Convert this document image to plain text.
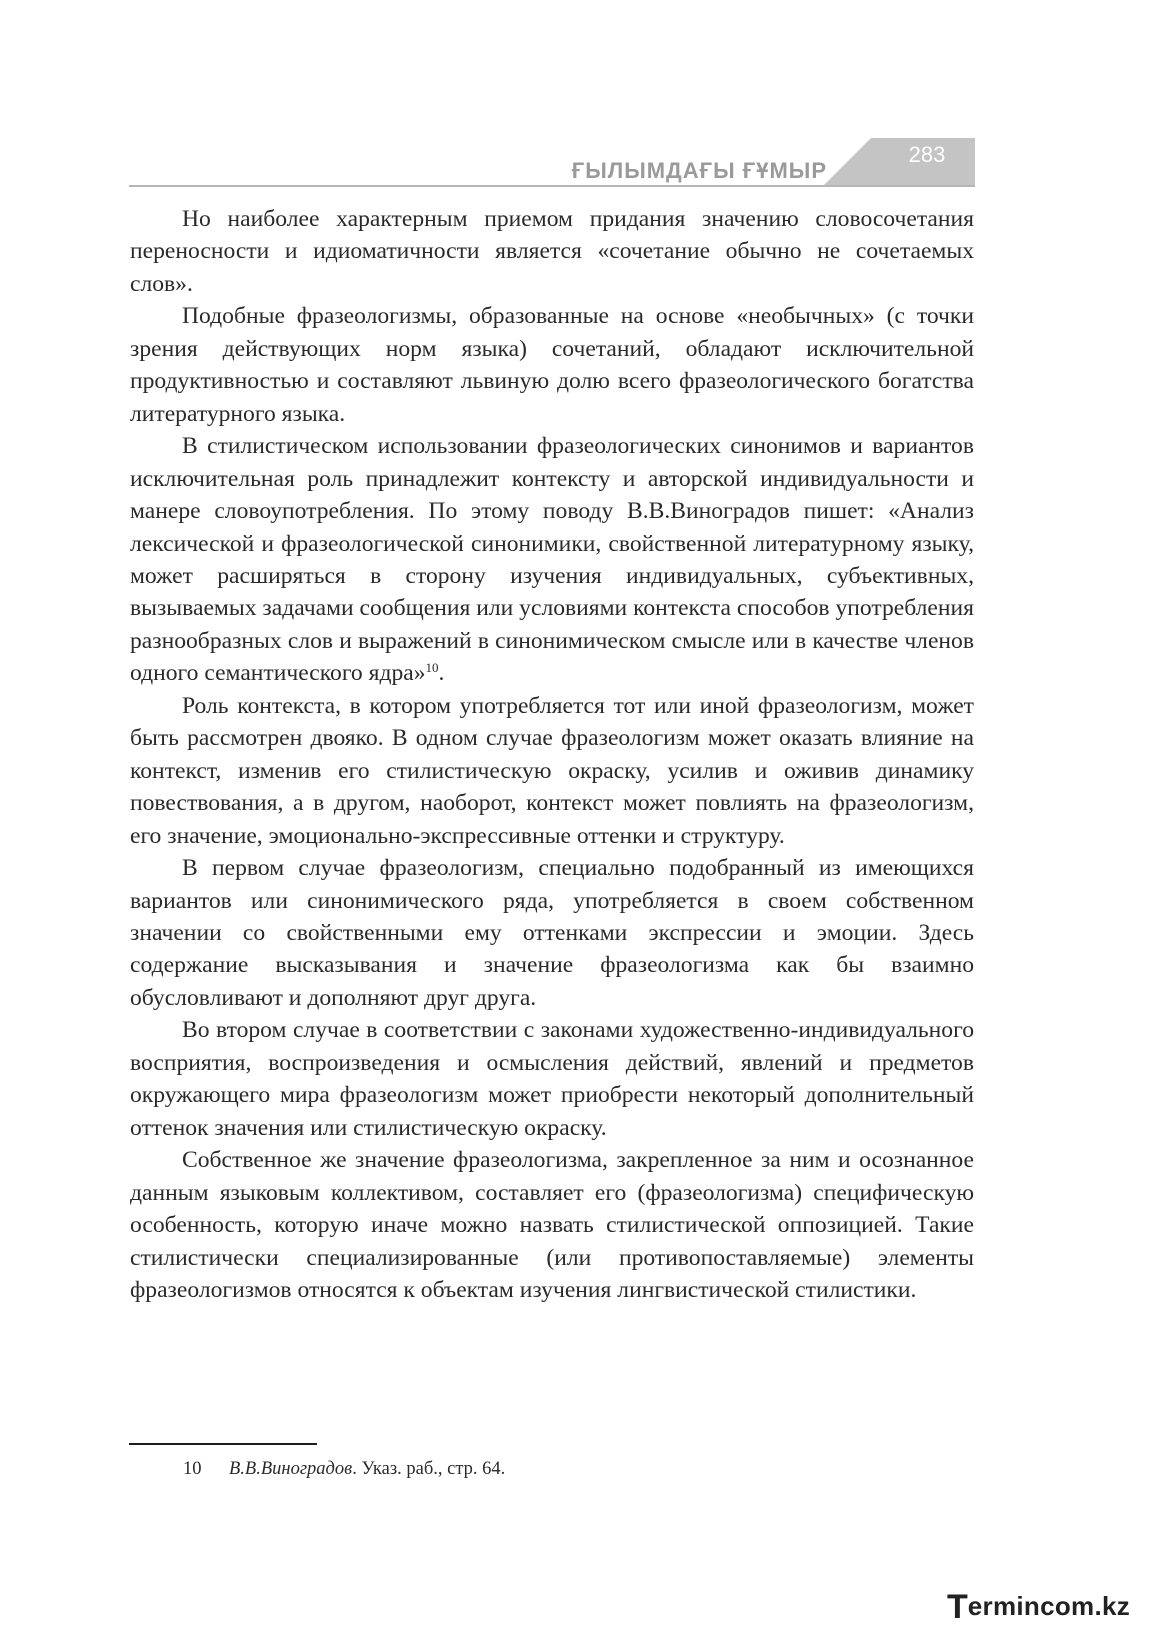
ҒЫЛЫМДАҒЫ ҒҰМЫР
283

Но наиболее характерным приемом придания значению словосочетания переносности и идиоматичности является «сочетание обычно не сочетаемых слов».

Подобные фразеологизмы, образованные на основе «необычных» (с точки зрения действующих норм языка) сочетаний, обладают исключительной продуктивностью и составляют львиную долю всего фразеологического богатства литературного языка.

В стилистическом использовании фразеологических синонимов и вариантов исключительная роль принадлежит контексту и авторской индивидуальности и манере словоупотребления. По этому поводу В.В.Виноградов пишет: «Анализ лексической и фразеологической синонимики, свойственной литературному языку, может расширяться в сторону изучения индивидуальных, субъективных, вызываемых задачами сообщения или условиями контекста способов употребления разнообразных слов и выражений в синонимическом смысле или в качестве членов одного семантического ядра»$^{10}$.

Роль контекста, в котором употребляется тот или иной фразеологизм, может быть рассмотрен двояко. В одном случае фразеологизм может оказать влияние на контекст, изменив его стилистическую окраску, усилив и оживив динамику повествования, а в другом, наоборот, контекст может повлиять на фразеологизм, его значение, эмоционально-экспрессивные оттенки и структуру.

В первом случае фразеологизм, специально подобранный из имеющихся вариантов или синонимического ряда, употребляется в своем собственном значении со свойственными ему оттенками экспрессии и эмоции. Здесь содержание высказывания и значение фразеологизма как бы взаимно обусловливают и дополняют друг друга.

Во втором случае в соответствии с законами художественно-индивидуального восприятия, воспроизведения и осмысления действий, явлений и предметов окружающего мира фразеологизм может приобрести некоторый дополнительный оттенок значения или стилистическую окраску.

Собственное же значение фразеологизма, закрепленное за ним и осознанное данным языковым коллективом, составляет его (фразеологизма) специфическую особенность, которую иначе можно назвать стилистической оппозицией. Такие стилистически специализированные (или противопоставляемые) элементы фразеологизмов относятся к объектам изучения лингвистической стилистики.

10 В.В.Виноградов. Указ. раб., стр. 64.
Termincom.kz
